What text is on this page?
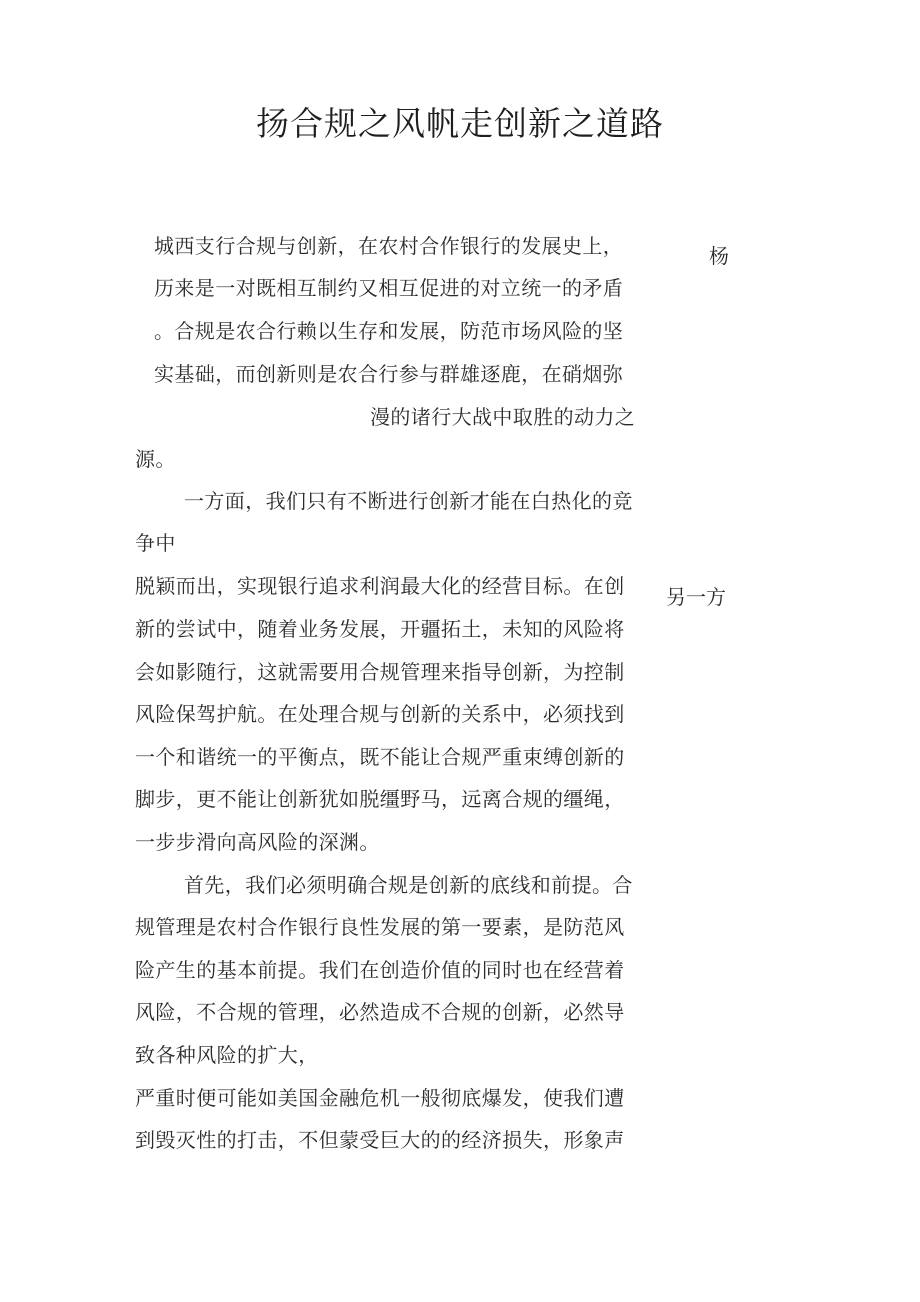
扬合规之风帆走创新之道路
城西支行合规与创新，在农村合作银行的发展史上，	杨
历来是一对既相互制约又相互促进的对立统一的矛盾
。合规是农合行赖以生存和发展，防范市场风险的坚
实基础，而创新则是农合行参与群雄逐鹿，在硝烟弥
漫的诸行大战中取胜的动力之
源。
一方面，我们只有不断进行创新才能在白热化的竞
争中
脱颖而出，实现银行追求利润最大化的经营目标。在创 另一方
新的尝试中，随着业务发展，开疆拓土，未知的风险将
会如影随行，这就需要用合规管理来指导创新，为控制
风险保驾护航。在处理合规与创新的关系中，必须找到
一个和谐统一的平衡点，既不能让合规严重束缚创新的
脚步，更不能让创新犹如脱缰野马，远离合规的缰绳，
一步步滑向高风险的深渊。
首先，我们必须明确合规是创新的底线和前提。合
规管理是农村合作银行良性发展的第一要素，是防范风
险产生的基本前提。我们在创造价值的同时也在经营着
风险，不合规的管理，必然造成不合规的创新，必然导
致各种风险的扩大，
严重时便可能如美国金融危机一般彻底爆发，使我们遭
到毁灭性的打击，不但蒙受巨大的的经济损失，形象声
